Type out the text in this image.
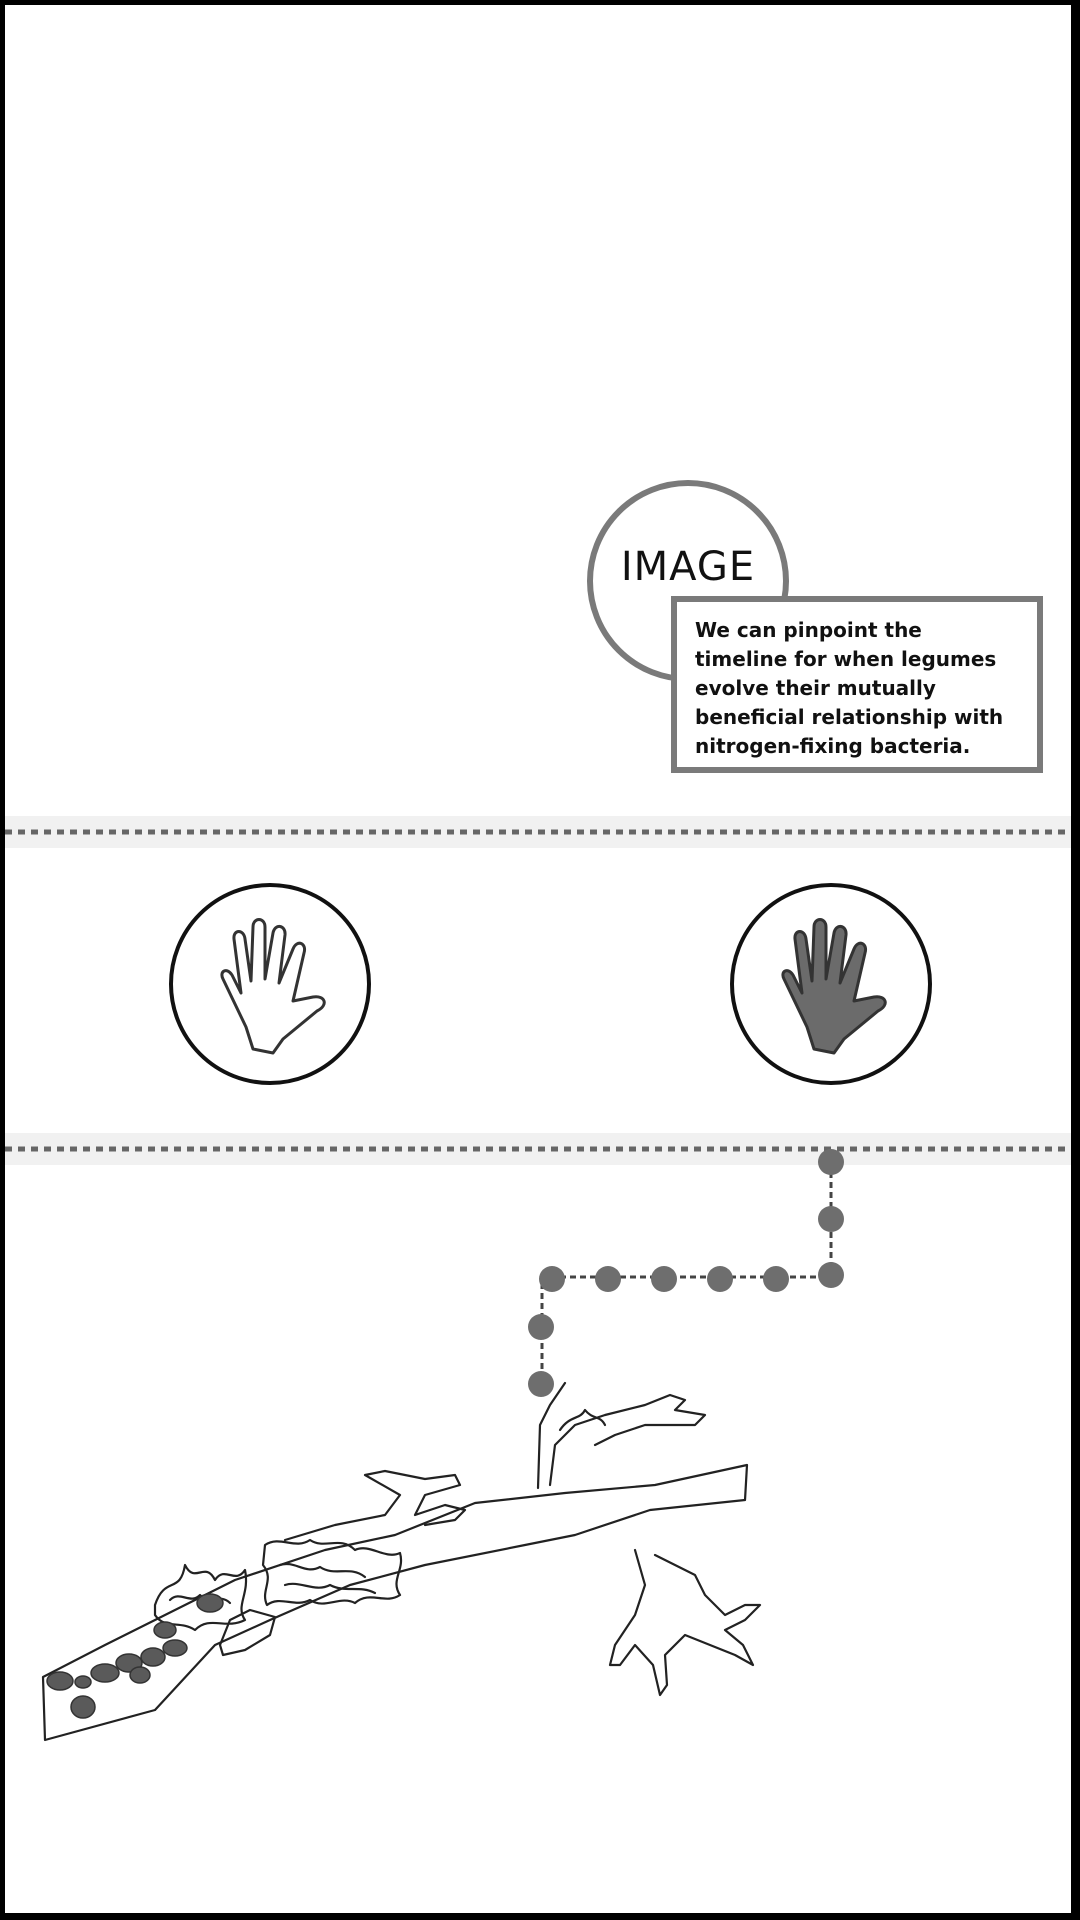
IMAGE
We can pinpoint the timeline for when legumes evolve their mutually beneficial relationship with nitrogen-fixing bacteria.
